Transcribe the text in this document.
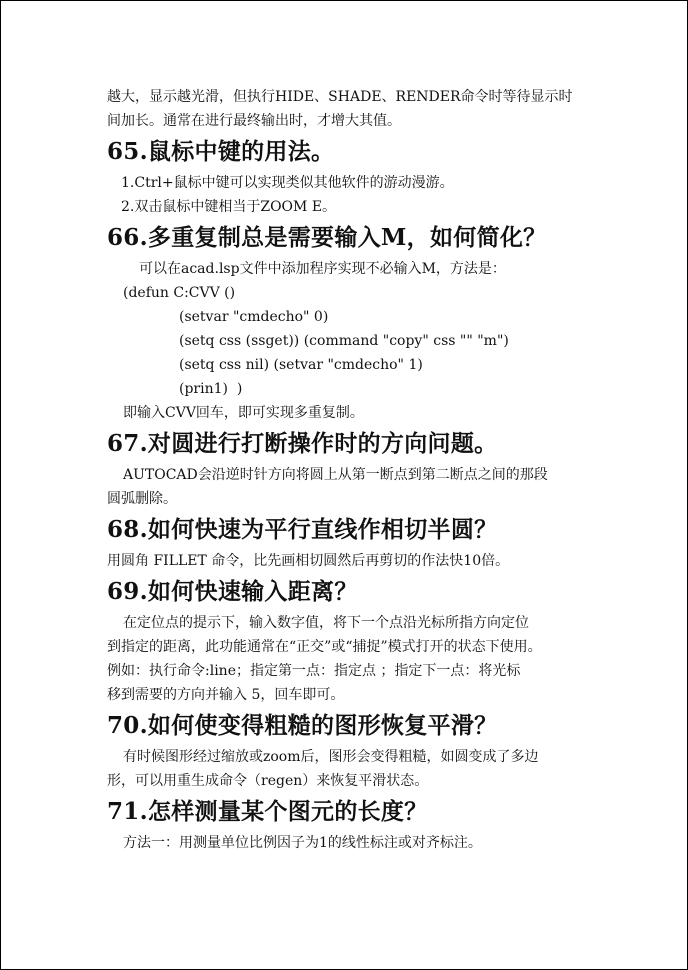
越大，显示越光滑，但执行HIDE、SHADE、RENDER命令时等待显示时

间加长。通常在进行最终输出时，才增大其值。

65.鼠标中键的用法。

1.Ctrl+鼠标中键可以实现类似其他软件的游动漫游。

2.双击鼠标中键相当于ZOOM E。

66.多重复制总是需要输入M，如何简化？

可以在acad.lsp文件中添加程序实现不必输入M，方法是：

(defun C:CVV ()

(setvar "cmdecho" 0)

(setq css (ssget)) (command "copy" css "" "m")

(setq css nil) (setvar "cmdecho" 1)

(prin1)  )

即输入CVV回车，即可实现多重复制。

67.对圆进行打断操作时的方向问题。

AUTOCAD会沿逆时针方向将圆上从第一断点到第二断点之间的那段

圆弧删除。

68.如何快速为平行直线作相切半圆？

用圆角 FILLET 命令，比先画相切圆然后再剪切的作法快10倍。

69.如何快速输入距离？

在定位点的提示下，输入数字值，将下一个点沿光标所指方向定位

到指定的距离，此功能通常在“正交”或“捕捉”模式打开的状态下使用。

例如：执行命令:line；指定第一点：指定点 ；指定下一点：将光标

移到需要的方向并输入 5，回车即可。

70.如何使变得粗糙的图形恢复平滑？

有时候图形经过缩放或zoom后，图形会变得粗糙，如圆变成了多边

形，可以用重生成命令（regen）来恢复平滑状态。

71.怎样测量某个图元的长度？

方法一：用测量单位比例因子为1的线性标注或对齐标注。
